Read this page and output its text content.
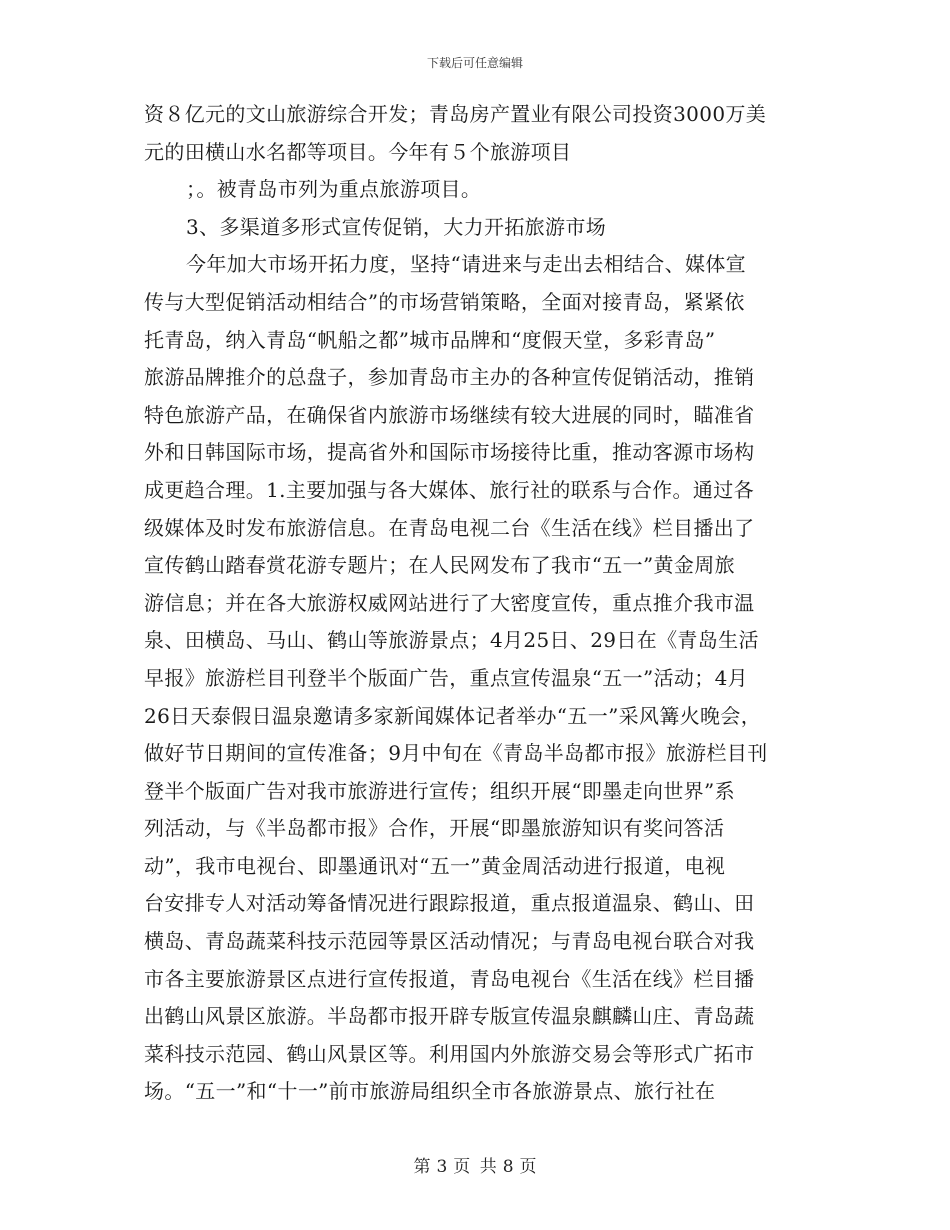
下载后可任意编辑
资８亿元的文山旅游综合开发；青岛房产置业有限公司投资3000万美
元的田横山水名都等项目。今年有５个旅游项目
；。被青岛市列为重点旅游项目。
3、多渠道多形式宣传促销，大力开拓旅游市场
今年加大市场开拓力度，坚持“请进来与走出去相结合、媒体宣
传与大型促销活动相结合”的市场营销策略，全面对接青岛，紧紧依
托青岛，纳入青岛“帆船之都”城市品牌和“度假天堂，多彩青岛”
旅游品牌推介的总盘子，参加青岛市主办的各种宣传促销活动，推销
特色旅游产品，在确保省内旅游市场继续有较大进展的同时，瞄准省
外和日韩国际市场，提高省外和国际市场接待比重，推动客源市场构
成更趋合理。1.主要加强与各大媒体、旅行社的联系与合作。通过各
级媒体及时发布旅游信息。在青岛电视二台《生活在线》栏目播出了
宣传鹤山踏春赏花游专题片；在人民网发布了我市“五一”黄金周旅
游信息；并在各大旅游权威网站进行了大密度宣传，重点推介我市温
泉、田横岛、马山、鹤山等旅游景点；4月25日、29日在《青岛生活
早报》旅游栏目刊登半个版面广告，重点宣传温泉“五一”活动；4月
26日天泰假日温泉邀请多家新闻媒体记者举办“五一”采风篝火晚会，
做好节日期间的宣传准备；9月中旬在《青岛半岛都市报》旅游栏目刊
登半个版面广告对我市旅游进行宣传；组织开展“即墨走向世界”系
列活动，与《半岛都市报》合作，开展“即墨旅游知识有奖问答活
动”，我市电视台、即墨通讯对“五一”黄金周活动进行报道，电视
台安排专人对活动筹备情况进行跟踪报道，重点报道温泉、鹤山、田
横岛、青岛蔬菜科技示范园等景区活动情况；与青岛电视台联合对我
市各主要旅游景区点进行宣传报道，青岛电视台《生活在线》栏目播
出鹤山风景区旅游。半岛都市报开辟专版宣传温泉麒麟山庄、青岛蔬
菜科技示范园、鹤山风景区等。利用国内外旅游交易会等形式广拓市
场。“五一”和“十一”前市旅游局组织全市各旅游景点、旅行社在
第 3 页 共 8 页
